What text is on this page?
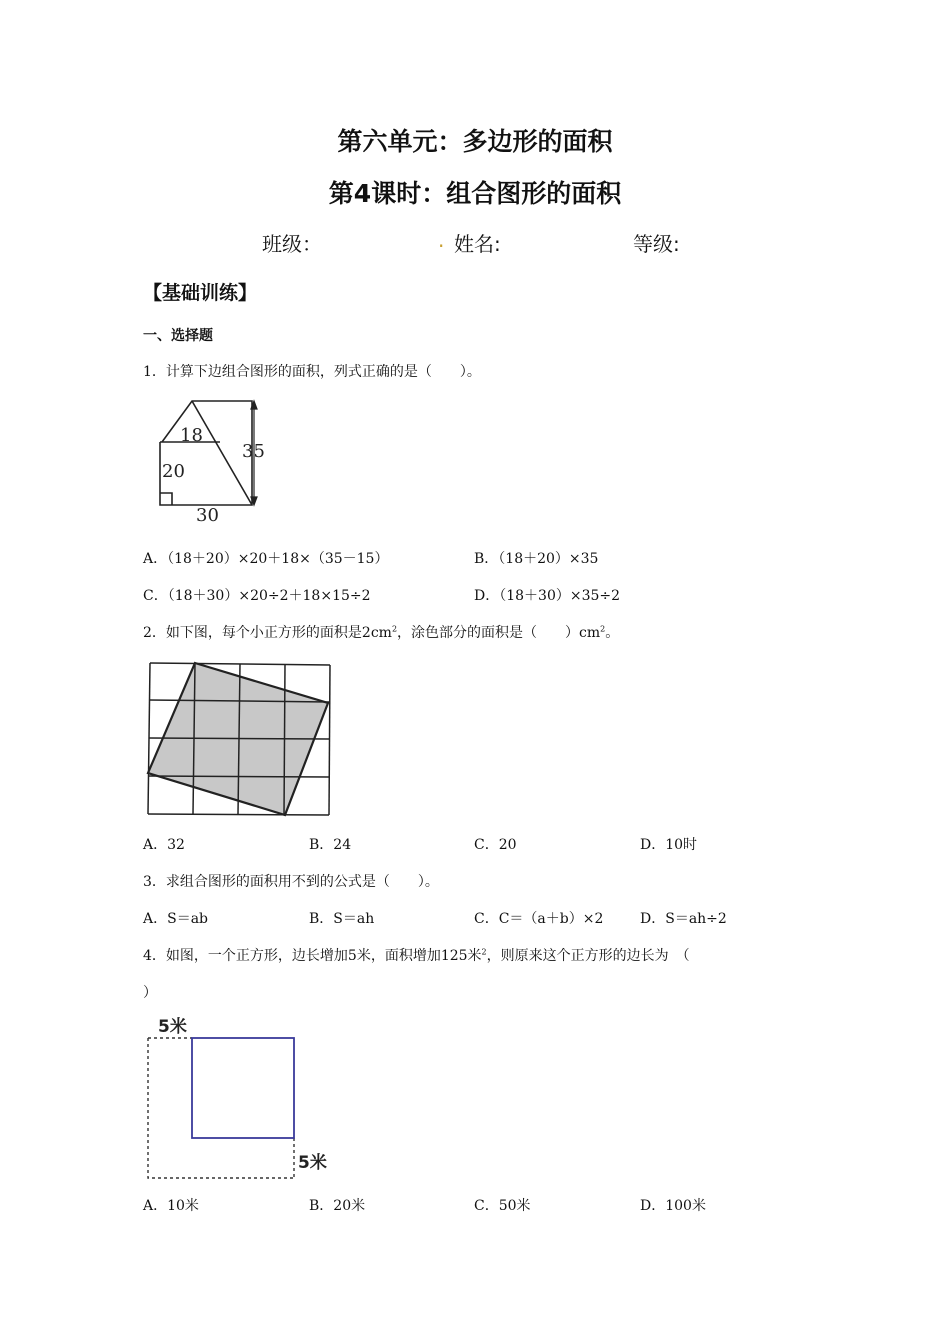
第六单元：多边形的面积
第4课时：组合图形的面积
班级：	. 姓名:	等级:
【基础训练】
一、选择题
1．计算下边组合图形的面积，列式正确的是（　　）。
18
35
20
30
A．（18＋20）×20＋18×（35－15）	B．（18＋20）×35
C．（18＋30）×20÷2＋18×15÷2	D．（18＋30）×35÷2
2．如下图，每个小正方形的面积是$2cm^2$，涂色部分的面积是（　　）$cm^2$。
A．32	B．24	C．20	D．10时
3．求组合图形的面积用不到的公式是（　　）。
A．S＝ab	B．S＝ah	C．C＝（a＋b）×2	D．S＝ah÷2
4．如图，一个正方形，边长增加5米，面积增加125米$^2$，则原来这个正方形的边长为　（
）
5米
5米
A．10米	B．20米	C．50米	D．100米
